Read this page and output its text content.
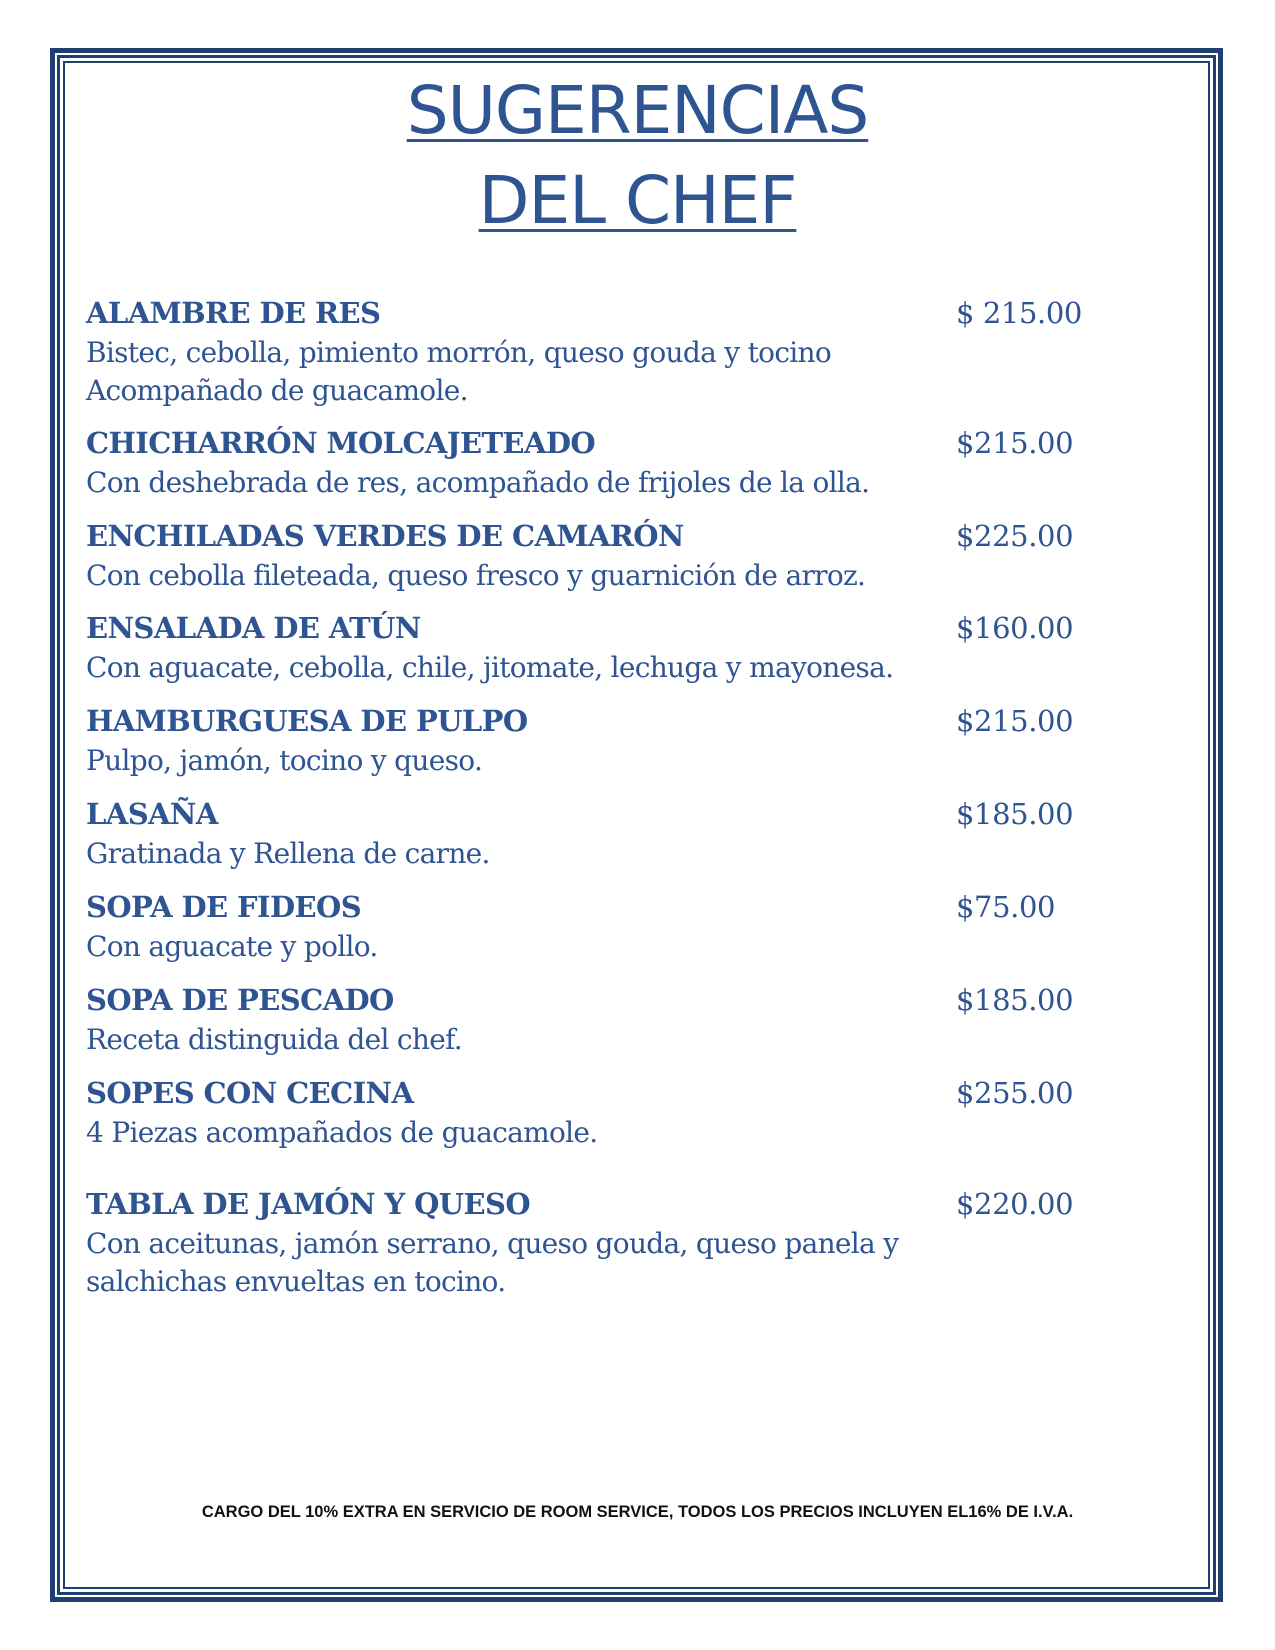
SUGERENCIAS
DEL CHEF
ALAMBRE DE RES	$ 215.00
Bistec, cebolla, pimiento morrón, queso gouda y tocino Acompañado de guacamole.
CHICHARRÓN MOLCAJETEADO	$215.00
Con deshebrada de res, acompañado de frijoles de la olla.
ENCHILADAS VERDES DE CAMARÓN	$225.00
Con cebolla fileteada, queso fresco y guarnición de arroz.
ENSALADA DE ATÚN	$160.00
Con aguacate, cebolla, chile, jitomate, lechuga y mayonesa.
HAMBURGUESA DE PULPO	$215.00
Pulpo, jamón, tocino y queso.
LASAÑA	$185.00
Gratinada y Rellena de carne.
SOPA DE FIDEOS	$75.00
Con aguacate y pollo.
SOPA DE PESCADO	$185.00
Receta distinguida del chef.
SOPES CON CECINA	$255.00
4 Piezas acompañados de guacamole.
TABLA DE JAMÓN Y QUESO	$220.00
Con aceitunas, jamón serrano, queso gouda, queso panela y salchichas envueltas en tocino.
CARGO DEL 10% EXTRA EN SERVICIO DE ROOM SERVICE, TODOS LOS PRECIOS INCLUYEN EL16% DE I.V.A.
